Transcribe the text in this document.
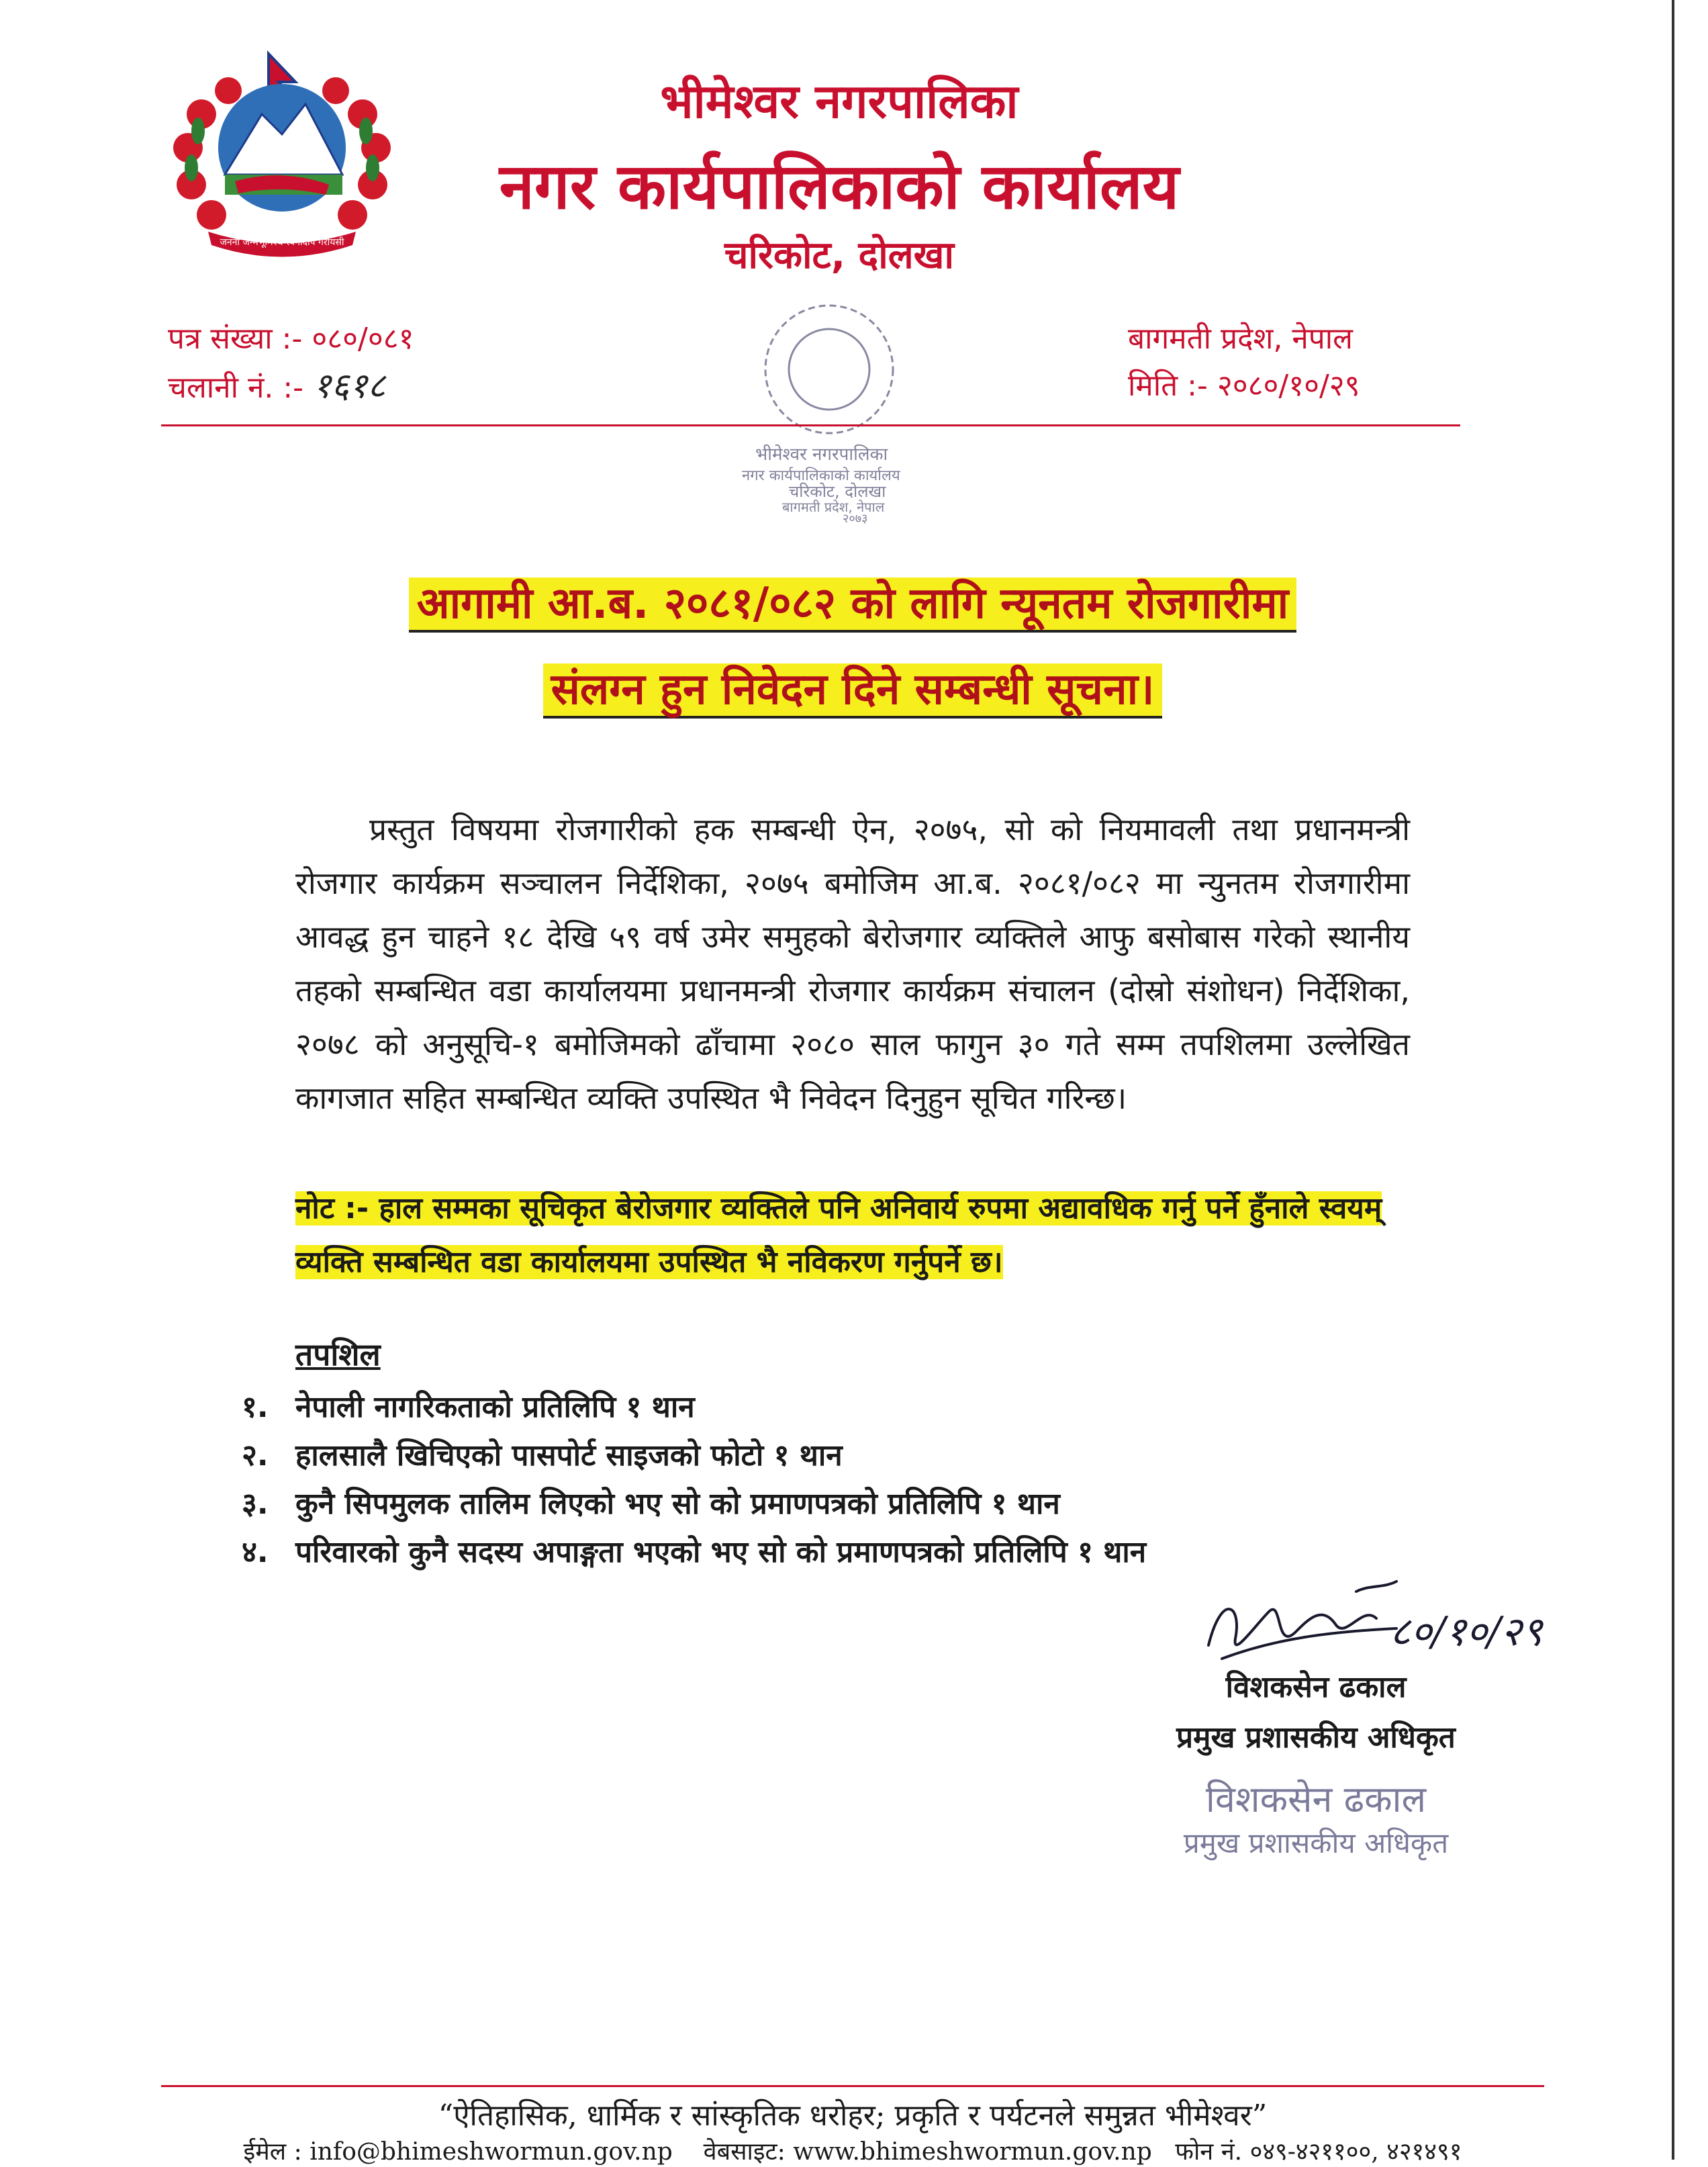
जननी जन्मभूमिश्च स्वर्गादपि गरीयसी
भीमेश्वर नगरपालिका
नगर कार्यपालिकाको कार्यालय
चरिकोट, दोलखा
पत्र संख्या :- ०८०/०८१
चलानी नं. :- १६१८
बागमती प्रदेश, नेपाल
मिति :- २०८०/१०/२९
भीमेश्वर नगरपालिका
नगर कार्यपालिकाको कार्यालय
चरिकोट, दोलखा
बागमती प्रदेश, नेपाल
२०७३
आगामी आ.ब. २०८१/०८२ को लागि न्यूनतम रोजगारीमा
संलग्न हुन निवेदन दिने सम्बन्धी सूचना।
प्रस्तुत विषयमा रोजगारीको हक सम्बन्धी ऐन, २०७५, सो को नियमावली तथा प्रधानमन्त्री रोजगार कार्यक्रम सञ्चालन निर्देशिका, २०७५ बमोजिम आ.ब. २०८१/०८२ मा न्युनतम रोजगारीमा आवद्ध हुन चाहने १८ देखि ५९ वर्ष उमेर समुहको बेरोजगार व्यक्तिले आफु बसोबास गरेको स्थानीय तहको सम्बन्धित वडा कार्यालयमा प्रधानमन्त्री रोजगार कार्यक्रम संचालन (दोस्रो संशोधन) निर्देशिका, २०७८ को अनुसूचि-१ बमोजिमको ढाँचामा २०८० साल फागुन ३० गते सम्म तपशिलमा उल्लेखित कागजात सहित सम्बन्धित व्यक्ति उपस्थित भै निवेदन दिनुहुन सूचित गरिन्छ।
नोट :- हाल सम्मका सूचिकृत बेरोजगार व्यक्तिले पनि अनिवार्य रुपमा अद्यावधिक गर्नु पर्ने हुँनाले स्वयम् व्यक्ति सम्बन्धित वडा कार्यालयमा उपस्थित भै नविकरण गर्नुपर्ने छ।
तपशिल
१. नेपाली नागरिकताको प्रतिलिपि १ थान
२. हालसालै खिचिएको पासपोर्ट साइजको फोटो १ थान
३. कुनै सिपमुलक तालिम लिएको भए सो को प्रमाणपत्रको प्रतिलिपि १ थान
४. परिवारको कुनै सदस्य अपाङ्गता भएको भए सो को प्रमाणपत्रको प्रतिलिपि १ थान
८०/१०/२९
विशकसेन ढकाल
प्रमुख प्रशासकीय अधिकृत
विशकसेन ढकाल
प्रमुख प्रशासकीय अधिकृत
“ऐतिहासिक, धार्मिक र सांस्कृतिक धरोहर; प्रकृति र पर्यटनले समुन्नत भीमेश्वर”
ईमेल : info@bhimeshwormun.gov.np वेबसाइट: www.bhimeshwormun.gov.np फोन नं. ०४९-४२११००, ४२१४९१
